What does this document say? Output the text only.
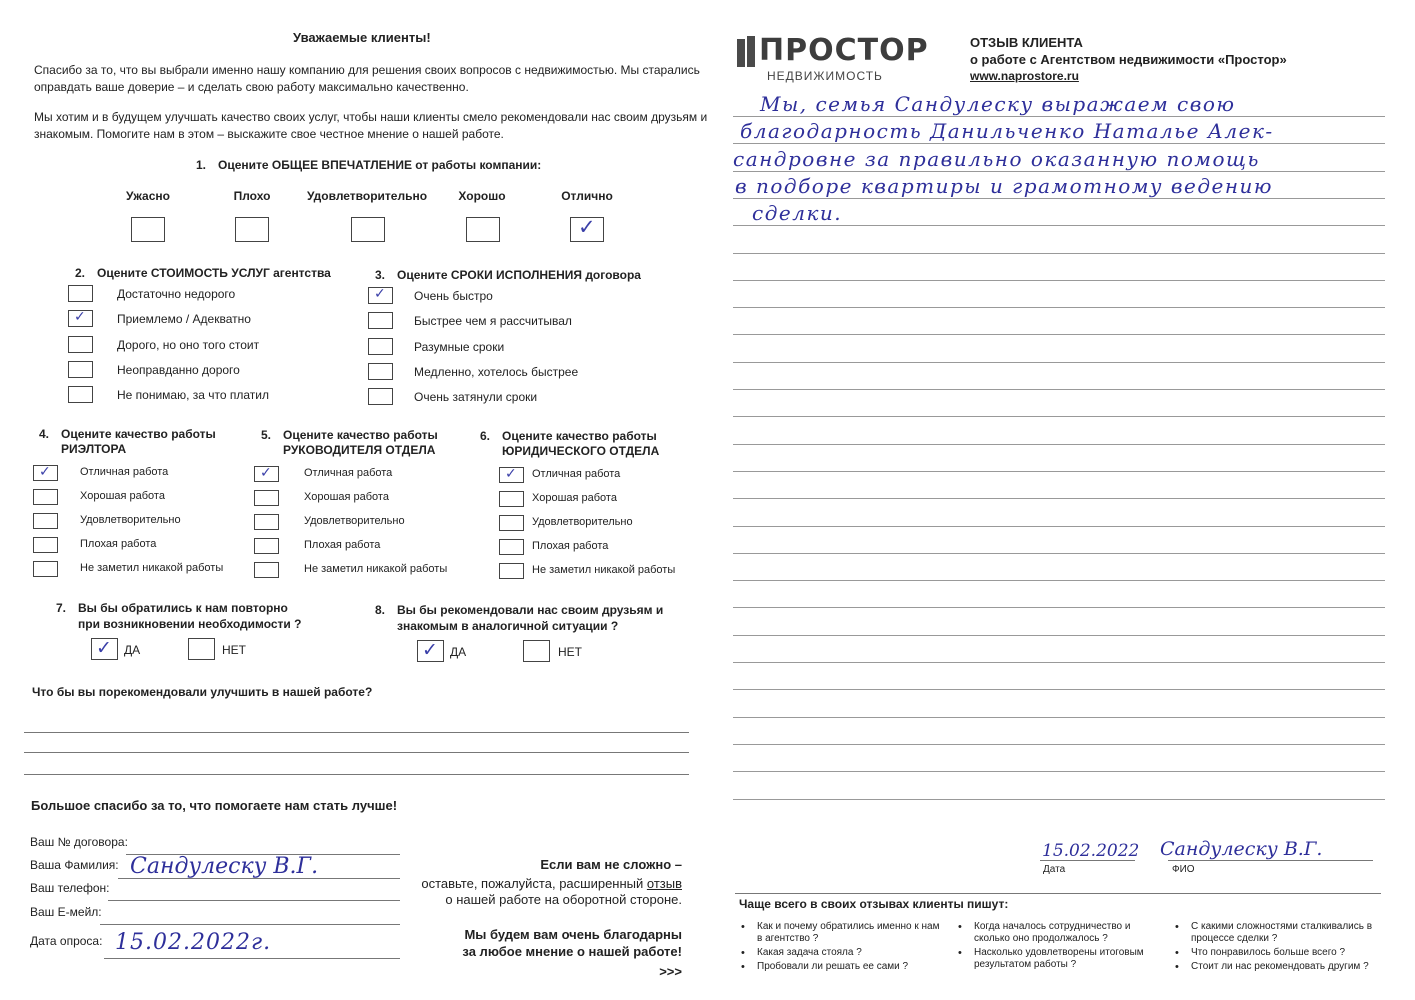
Уважаемые клиенты!
Спасибо за то, что вы выбрали именно нашу компанию для решения своих вопросов с недвижимостью. Мы старались
оправдать ваше доверие – и сделать свою работу максимально качественно.
Мы хотим и в будущем улучшать качество своих услуг, чтобы наши клиенты смело рекомендовали нас своим друзьям и
знакомым. Помогите нам в этом – выскажите свое честное мнение о нашей работе.
1. Оцените ОБЩЕЕ ВПЕЧАТЛЕНИЕ от работы компании:
2. Оцените СТОИМОСТЬ УСЛУГ агентства	3. Оцените СРОКИ ИСПОЛНЕНИЯ договора
4. Оцените качество работы
РИЭЛТОРА
5. Оцените качество работы
РУКОВОДИТЕЛЯ ОТДЕЛА
6. Оцените качество работы
ЮРИДИЧЕСКОГО ОТДЕЛА
7. Вы бы обратились к нам повторно
при возникновении необходимости ?
✓ ДА	НЕТ
8. Вы бы рекомендовали нас своим друзьям и
знакомым в аналогичной ситуации ?
✓ ДА	НЕТ
Что бы вы порекомендовали улучшить в нашей работе?
Большое спасибо за то, что помогаете нам стать лучше!
Ваш № договора:
Ваша Фамилия: Сандулеску В.Г.
Ваш телефон:
Ваш Е-мейл:
Дата опроса: 15.02.2022г.
Если вам не сложно –
оставьте, пожалуйста, расширенный отзыв
о нашей работе на оборотной стороне.
Мы будем вам очень благодарны
за любое мнение о нашей работе!
>>>
ПРОСТОР
НЕДВИЖИМОСТЬ
ОТЗЫВ КЛИЕНТА
о работе с Агентством недвижимости «Простор»
www.naprostore.ru
15.02.2022 Сандулеску В.Г.
Дата	ФИО
Чаще всего в своих отзывах клиенты пишут:
Ужасно	Плохо	Удовлетворительно	Хорошо	Отлично
✓
Достаточно недорого
✓	Приемлемо / Адекватно
Дорого, но оно того стоит
Неоправданно дорого
Не понимаю, за что платил
✓ Очень быстро
Быстрее чем я рассчитывал
Разумные сроки
Медленно, хотелось быстрее
Очень затянули сроки
✓	Отличная работа
Хорошая работа
Удовлетворительно
Плохая работа
Не заметил никакой работы
✓	Отличная работа
Хорошая работа
Удовлетворительно
Плохая работа
Не заметил никакой работы
✓ Отличная работа
Хорошая работа
Удовлетворительно
Плохая работа
Не заметил никакой работы
Мы, семья Сандулеску выражаем свою
благодарность Данильченко Наталье Алек-
сандровне за правильно оказанную помощь
в подборе квартиры и грамотному ведению
сделки.
• Как и почему обратились именно к нам в агентство ?
• Какая задача стояла ?
• Пробовали ли решать ее сами ?
• Когда началось сотрудничество и сколько оно продолжалось ?
• Насколько удовлетворены итоговым результатом работы ?
• С какими сложностями сталкивались в процессе сделки ?
• Что понравилось больше всего ?
• Стоит ли нас рекомендовать другим ?
